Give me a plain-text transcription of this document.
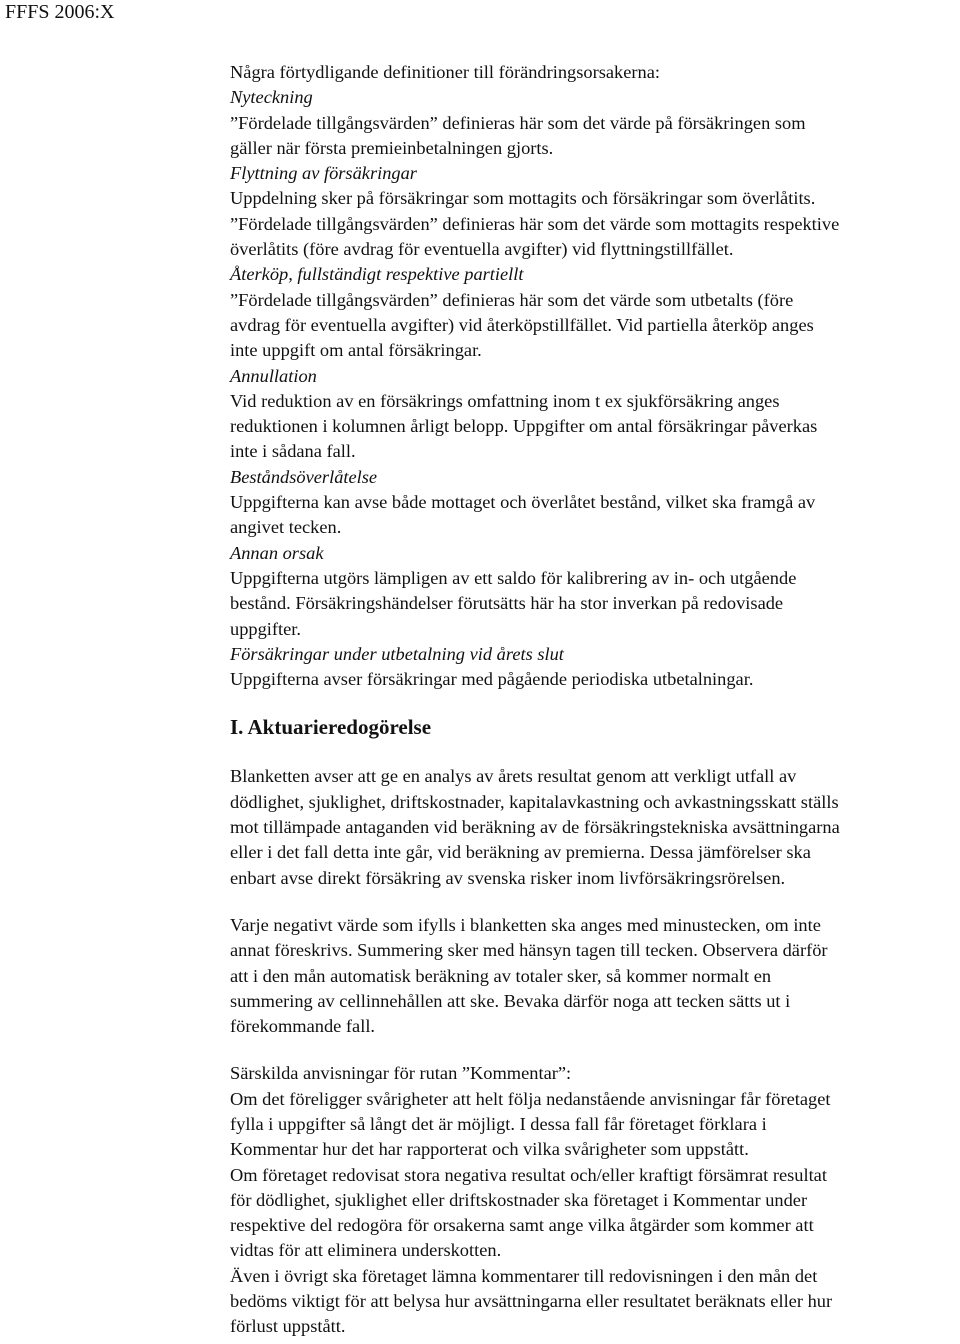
FFFS 2006:X

Några förtydligande definitioner till förändringsorsakerna:

Nyteckning

”Fördelade tillgångsvärden” definieras här som det värde på försäkringen som

gäller när första premieinbetalningen gjorts.

Flyttning av försäkringar

Uppdelning sker på försäkringar som mottagits och försäkringar som överlåtits.

”Fördelade tillgångsvärden” definieras här som det värde som mottagits respektive

överlåtits (före avdrag för eventuella avgifter) vid flyttningstillfället.

Återköp, fullständigt respektive partiellt

”Fördelade tillgångsvärden” definieras här som det värde som utbetalts (före

avdrag för eventuella avgifter) vid återköpstillfället. Vid partiella återköp anges

inte uppgift om antal försäkringar.

Annullation

Vid reduktion av en försäkrings omfattning inom t ex sjukförsäkring anges

reduktionen i kolumnen årligt belopp. Uppgifter om antal försäkringar påverkas

inte i sådana fall.

Beståndsöverlåtelse

Uppgifterna kan avse både mottaget och överlåtet bestånd, vilket ska framgå av

angivet tecken.

Annan orsak

Uppgifterna utgörs lämpligen av ett saldo för kalibrering av in- och utgående

bestånd. Försäkringshändelser förutsätts här ha stor inverkan på redovisade

uppgifter.

Försäkringar under utbetalning vid årets slut

Uppgifterna avser försäkringar med pågående periodiska utbetalningar.

I. Aktuarieredogörelse

Blanketten avser att ge en analys av årets resultat genom att verkligt utfall av

dödlighet, sjuklighet, driftskostnader, kapitalavkastning och avkastningsskatt ställs

mot tillämpade antaganden vid beräkning av de försäkringstekniska avsättningarna

eller i det fall detta inte går, vid beräkning av premierna. Dessa jämförelser ska

enbart avse direkt försäkring av svenska risker inom livförsäkringsrörelsen.

Varje negativt värde som ifylls i blanketten ska anges med minustecken, om inte

annat föreskrivs. Summering sker med hänsyn tagen till tecken. Observera därför

att i den mån automatisk beräkning av totaler sker, så kommer normalt en

summering av cellinnehållen att ske. Bevaka därför noga att tecken sätts ut i

förekommande fall.

Särskilda anvisningar för rutan ”Kommentar”:

Om det föreligger svårigheter att helt följa nedanstående anvisningar får företaget

fylla i uppgifter så långt det är möjligt. I dessa fall får företaget förklara i

Kommentar hur det har rapporterat och vilka svårigheter som uppstått.

Om företaget redovisat stora negativa resultat och/eller kraftigt försämrat resultat

för dödlighet, sjuklighet eller driftskostnader ska företaget i Kommentar under

respektive del redogöra för orsakerna samt ange vilka åtgärder som kommer att

vidtas för att eliminera underskotten.

Även i övrigt ska företaget lämna kommentarer till redovisningen i den mån det

bedöms viktigt för att belysa hur avsättningarna eller resultatet beräknats eller hur

förlust uppstått.
